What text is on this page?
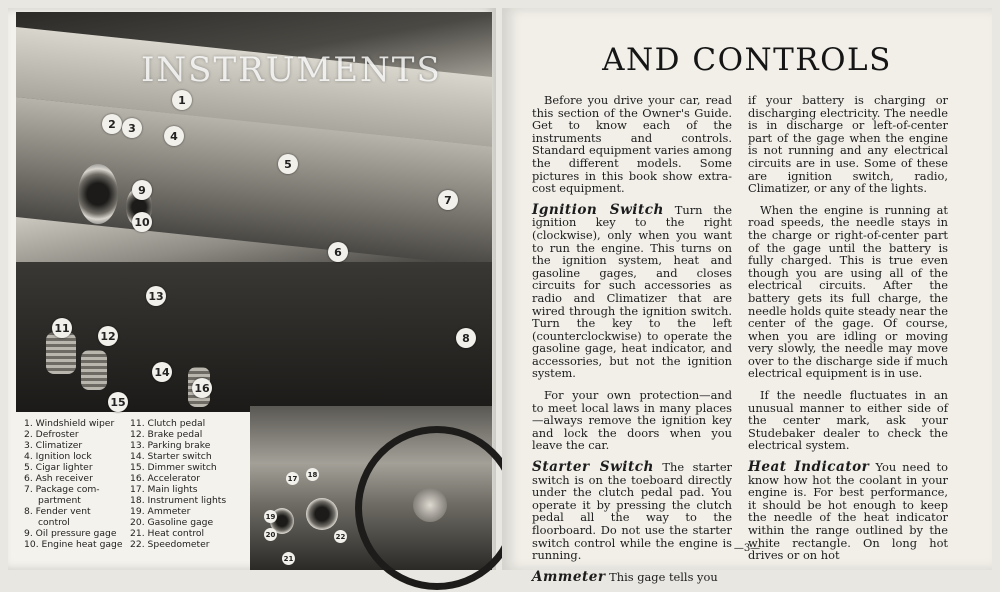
INSTRUMENTS
1
2	3
4
5
6
7
8
9
10
11
12
13
14
15
16
1. Windshield wiper
2. Defroster
3. Climatizer
4. Ignition lock
5. Cigar lighter
6. Ash receiver
7. Package com-
partment
8. Fender vent
control
9. Oil pressure gage
10. Engine heat gage
11. Clutch pedal
12. Brake pedal
13. Parking brake
14. Starter switch
15. Dimmer switch
16. Accelerator
17. Main lights
18. Instrument lights
19. Ammeter
20. Gasoline gage
21. Heat control
22. Speedometer
17 18
19
20
21
22
AND CONTROLS

Before you drive your car, read this section of the Owner's Guide. Get to know each of the instruments and controls. Standard equipment varies among the different models. Some pictures in this book show extra-cost equipment.

Ignition Switch Turn the ignition key to the right (clockwise), only when you want to run the engine. This turns on the ignition system, heat and gasoline gages, and closes circuits for such accessories as radio and Climatizer that are wired through the ignition switch. Turn the key to the left (counterclockwise) to operate the gasoline gage, heat indicator, and accessories, but not the ignition system.

For your own protection—and to meet local laws in many places—always remove the ignition key and lock the doors when you leave the car.

Starter Switch The starter switch is on the toeboard directly under the clutch pedal pad. You operate it by pressing the clutch pedal all the way to the floorboard. Do not use the starter switch control while the engine is running.

Ammeter This gage tells you

if your battery is charging or discharging electricity. The needle is in discharge or left-of-center part of the gage when the engine is not running and any electrical circuits are in use. Some of these are ignition switch, radio, Climatizer, or any of the lights.

When the engine is running at road speeds, the needle stays in the charge or right-of-center part of the gage until the battery is fully charged. This is true even though you are using all of the electrical circuits. After the battery gets its full charge, the needle holds quite steady near the center of the gage. Of course, when you are idling or moving very slowly, the needle may move over to the discharge side if much electrical equipment is in use.

If the needle fluctuates in an unusual manner to either side of the center mark, ask your Studebaker dealer to check the electrical system.

Heat Indicator You need to know how hot the coolant in your engine is. For best performance, it should be hot enough to keep the needle of the heat indicator within the range outlined by the white rectangle. On long hot drives or on hot

—3—
